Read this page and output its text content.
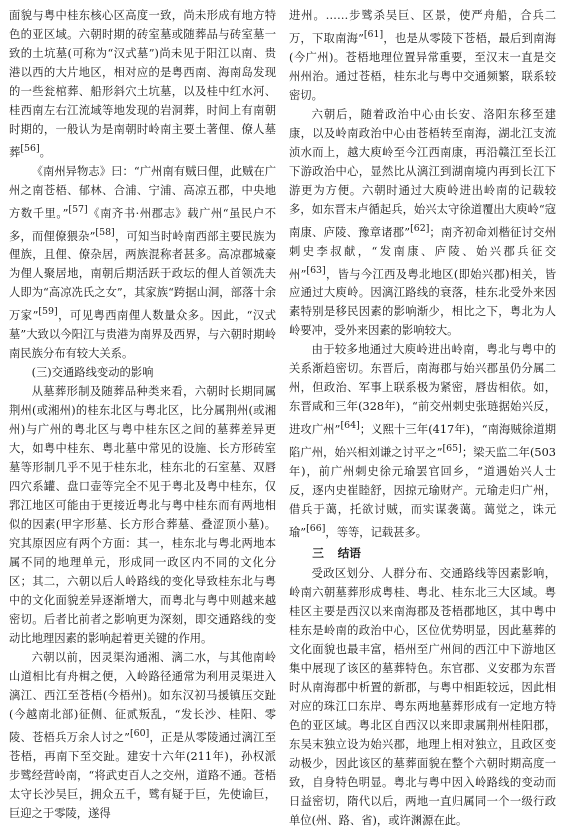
面貌与粤中桂东核心区高度一致，尚未形成有地方特色的亚区域。六朝时期的砖室墓或随葬品与砖室墓一致的土坑墓(可称为“汉式墓”)尚未见于阳江以南、贵港以西的大片地区，相对应的是粤西南、海南岛发现的一些瓮棺葬、船形斜穴土坑墓，以及桂中红水河、桂西南左右江流域等地发现的岩洞葬，时间上有南朝时期的，一般认为是南朝时岭南主要土著俚、僚人墓葬[56]。

《南州异物志》曰：“广州南有贼曰俚，此贼在广州之南苍梧、郁林、合浦、宁浦、高凉五郡，中央地方数千里。”[57]《南齐书·州郡志》载广州“虽民户不多，而俚僚猥杂”[58]，可知当时岭南西部主要民族为俚族，且俚、僚杂居，两族混称者甚多。高凉郡城豪为俚人聚居地，南朝后期活跃于政坛的俚人首领冼夫人即为“高凉冼氏之女”，其家族“跨据山洞，部落十余万家”[59]，可见粤西南俚人数量众多。因此，“汉式墓”大致以今阳江与贵港为南界及西界，与六朝时期岭南民族分布有较大关系。

(三)交通路线变动的影响

从墓葬形制及随葬品种类来看，六朝时长期同属荆州(或湘州)的桂东北区与粤北区，比分属荆州(或湘州)与广州的粤北区与粤中桂东区之间的墓葬差异更大，如粤中桂东、粤北墓中常见的设施、长方形砖室墓等形制几乎不见于桂东北，桂东北的石室墓、双唇四穴系罐、盘口壶等完全不见于粤北及粤中桂东，仅郛江地区可能由于更接近粤北与粤中桂东而有两地相似的因素(甲字形墓、长方形合葬墓、叠涩顶小墓)。究其原因应有两个方面：其一，桂东北与粤北两地本属不同的地理单元，形成同一政区内不同的文化分区；其二，六朝以后人岭路线的变化导致桂东北与粤中的文化面貌差异逐渐增大，而粤北与粤中则越来越密切。后者比前者之影响更为深刻，即交通路线的变动比地理因素的影响起着更关键的作用。

六朝以前，因灵渠沟通湘、漓二水，与其他南岭山道相比有舟楫之便，入岭路径通常为利用灵渠进入漓江、西江至苍梧(今梧州)。如东汉初马援镇压交趾(今越南北部)征侧、征贰叛乱，“发长沙、桂阳、零陵、苍梧兵万余人讨之”[60]，正是从零陵通过漓江至苍梧，再南下至交趾。建安十六年(211年)，孙权派步骘经营岭南，“将武吏百人之交州，道路不通。苍梧太守长沙吴巨，拥众五千，骘有疑于巨，先使谕巨，巨迎之于零陵，遂得

进州。……步骘杀吴巨、区景，使严舟船，合兵二万，下取南海”[61]，也是从零陵下苍梧，最后到南海(今广州)。苍梧地理位置异常重要，至汉末一直是交州州治。通过苍梧，桂东北与粤中交通频繁，联系较密切。

六朝后，随着政治中心由长安、洛阳东移至建康，以及岭南政治中心由苍梧转至南海，湖北江支流浈水而上，越大庾岭至今江西南康，再沿赣江至长江下游政治中心，显然比从漓江到湖南境内再到长江下游更为方便。六朝时通过大庾岭进出岭南的记载较多，如东晋末卢循起兵，始兴太守徐道覆出大庾岭“寇南康、庐陵、豫章诸郡”[62]；南齐初命刘楷征讨交州刺史李叔献，“发南康、庐陵、始兴郡兵征交州”[63]，皆与今江西及粤北地区(即始兴郡)相关，皆应通过大庾岭。因漓江路线的衰落，桂东北受外来因素特别是移民因素的影响渐少，相比之下，粤北为人岭要冲，受外来因素的影响较大。

由于较多地通过大庾岭进出岭南，粤北与粤中的关系渐趋密切。东晋后，南海郡与始兴郡虽仍分属二州，但政治、军事上联系极为紧密，唇齿相依。如，东晋咸和三年(328年)，“前交州刺史张琏据始兴反，进攻广州”[64]；义熙十三年(417年)，“南海贼徐道期陷广州，始兴相刘谦之讨平之”[65]；梁天监二年(503年)，前广州刺史徐元瑜罢官回乡，“道遇始兴人士反，逐内史崔睦舒，因掠元瑜财产。元瑜走归广州，借兵于蔼，托欲讨贼，而实谋袭蔼。蔼觉之，诛元瑜”[66]，等等，记载甚多。

三 结语

受政区划分、人群分布、交通路线等因素影响，岭南六朝墓葬形成粤桂、粤北、桂东北三大区域。粤桂区主要是西汉以来南海郡及苍梧郡地区，其中粤中桂东是岭南的政治中心，区位优势明显，因此墓葬的文化面貌也最丰富，梧州至广州间的西江中下游地区集中展现了该区的墓葬特色。东官郡、义安郡为东晋时从南海郡中析置的新郡，与粤中相距较远，因此相对应的珠江口东岸、粤东两地墓葬形成有一定地方特色的亚区域。粤北区自西汉以来即隶属荆州桂阳郡，东吴末独立设为始兴郡，地理上相对独立，且政区变动极少，因此该区的墓葬面貌在整个六朝时期高度一致，自身特色明显。粤北与粤中因入岭路线的变动而日益密切，隋代以后，两地一直归属同一个一级行政单位(州、路、省)，或许渊源在此。
